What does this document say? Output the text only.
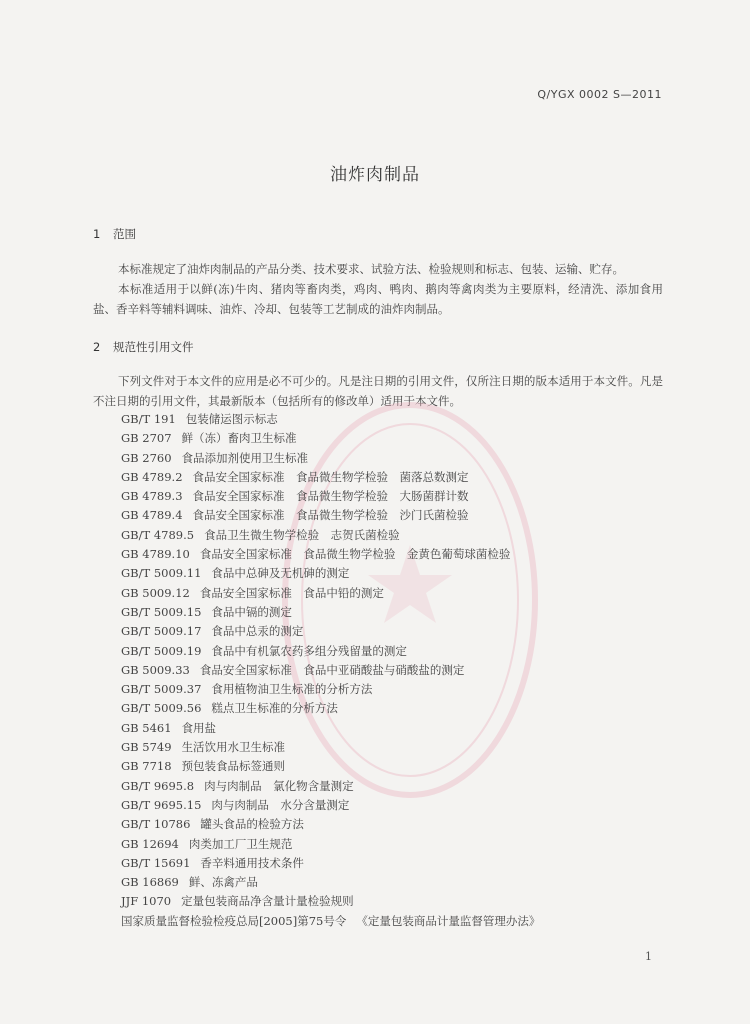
Q/YGX 0002 S—2011
油炸肉制品
1 范围
本标准规定了油炸肉制品的产品分类、技术要求、试验方法、检验规则和标志、包装、运输、贮存。
本标准适用于以鲜(冻)牛肉、猪肉等畜肉类，鸡肉、鸭肉、鹅肉等禽肉类为主要原料，经清洗、添加食用盐、香辛料等辅料调味、油炸、冷却、包装等工艺制成的油炸肉制品。
2 规范性引用文件
下列文件对于本文件的应用是必不可少的。凡是注日期的引用文件，仅所注日期的版本适用于本文件。凡是不注日期的引用文件，其最新版本（包括所有的修改单）适用于本文件。
GB/T 191 包装储运图示标志
GB 2707 鲜（冻）畜肉卫生标准
GB 2760 食品添加剂使用卫生标准
GB 4789.2 食品安全国家标准　食品微生物学检验　菌落总数测定
GB 4789.3 食品安全国家标准　食品微生物学检验　大肠菌群计数
GB 4789.4 食品安全国家标准　食品微生物学检验　沙门氏菌检验
GB/T 4789.5 食品卫生微生物学检验　志贺氏菌检验
GB 4789.10 食品安全国家标准　食品微生物学检验　金黄色葡萄球菌检验
GB/T 5009.11 食品中总砷及无机砷的测定
GB 5009.12 食品安全国家标准　食品中铅的测定
GB/T 5009.15 食品中镉的测定
GB/T 5009.17 食品中总汞的测定
GB/T 5009.19 食品中有机氯农药多组分残留量的测定
GB 5009.33 食品安全国家标准　食品中亚硝酸盐与硝酸盐的测定
GB/T 5009.37 食用植物油卫生标准的分析方法
GB/T 5009.56 糕点卫生标准的分析方法
GB 5461 食用盐
GB 5749 生活饮用水卫生标准
GB 7718 预包装食品标签通则
GB/T 9695.8 肉与肉制品　氯化物含量测定
GB/T 9695.15 肉与肉制品　水分含量测定
GB/T 10786 罐头食品的检验方法
GB 12694 肉类加工厂卫生规范
GB/T 15691 香辛料通用技术条件
GB 16869 鲜、冻禽产品
JJF 1070 定量包装商品净含量计量检验规则
国家质量监督检验检疫总局[2005]第75号令 《定量包装商品计量监督管理办法》
1
